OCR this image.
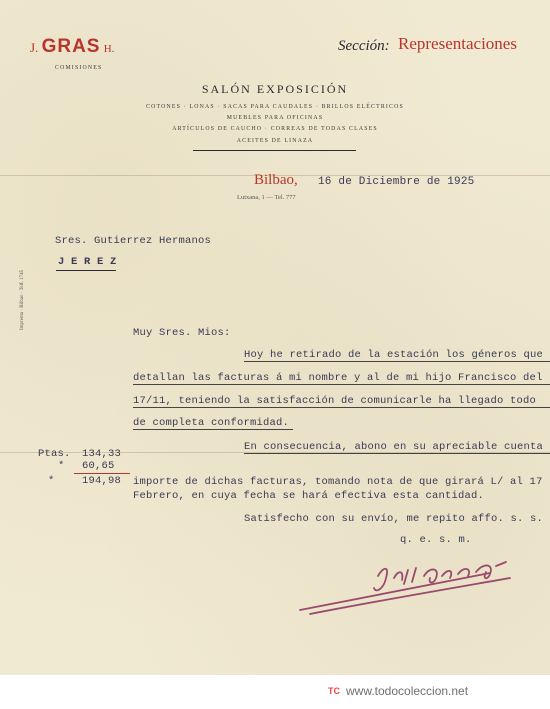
J. GRAS H.
COMISIONES
Sección: Representaciones
SALÓN EXPOSICIÓN
COTONES · LONAS · SACAS PARA CAUDALES · BRILLOS ELÉCTRICOS
MUEBLES PARA OFICINAS
ARTÍCULOS DE CAUCHO · CORREAS DE TODAS CLASES
ACEITES DE LINAZA
Bilbao, 16 de Diciembre de 1925
Lutxana, 1 — Tel. 777
Sres. Gutierrez Hermanos
J E R E Z
Imprenta · Bilbao · Telf. 1745
Muy Sres. Mios:
Hoy he retirado de la estación los géneros que
detallan las facturas á mi nombre y al de mi hijo Francisco del
17/11, teniendo la satisfacción de comunicarle ha llegado todo
de completa conformidad.
En consecuencia, abono en su apreciable cuenta
importe de dichas facturas, tomando nota de que girará L/ al 17
Febrero, en cuya fecha se hará efectiva esta cantidad.
Satisfecho con su envío, me repito affo. s. s.
Ptas. 134,33
* 60,65
*	194,98
q. e. s. m.
TC www.todocoleccion.net
